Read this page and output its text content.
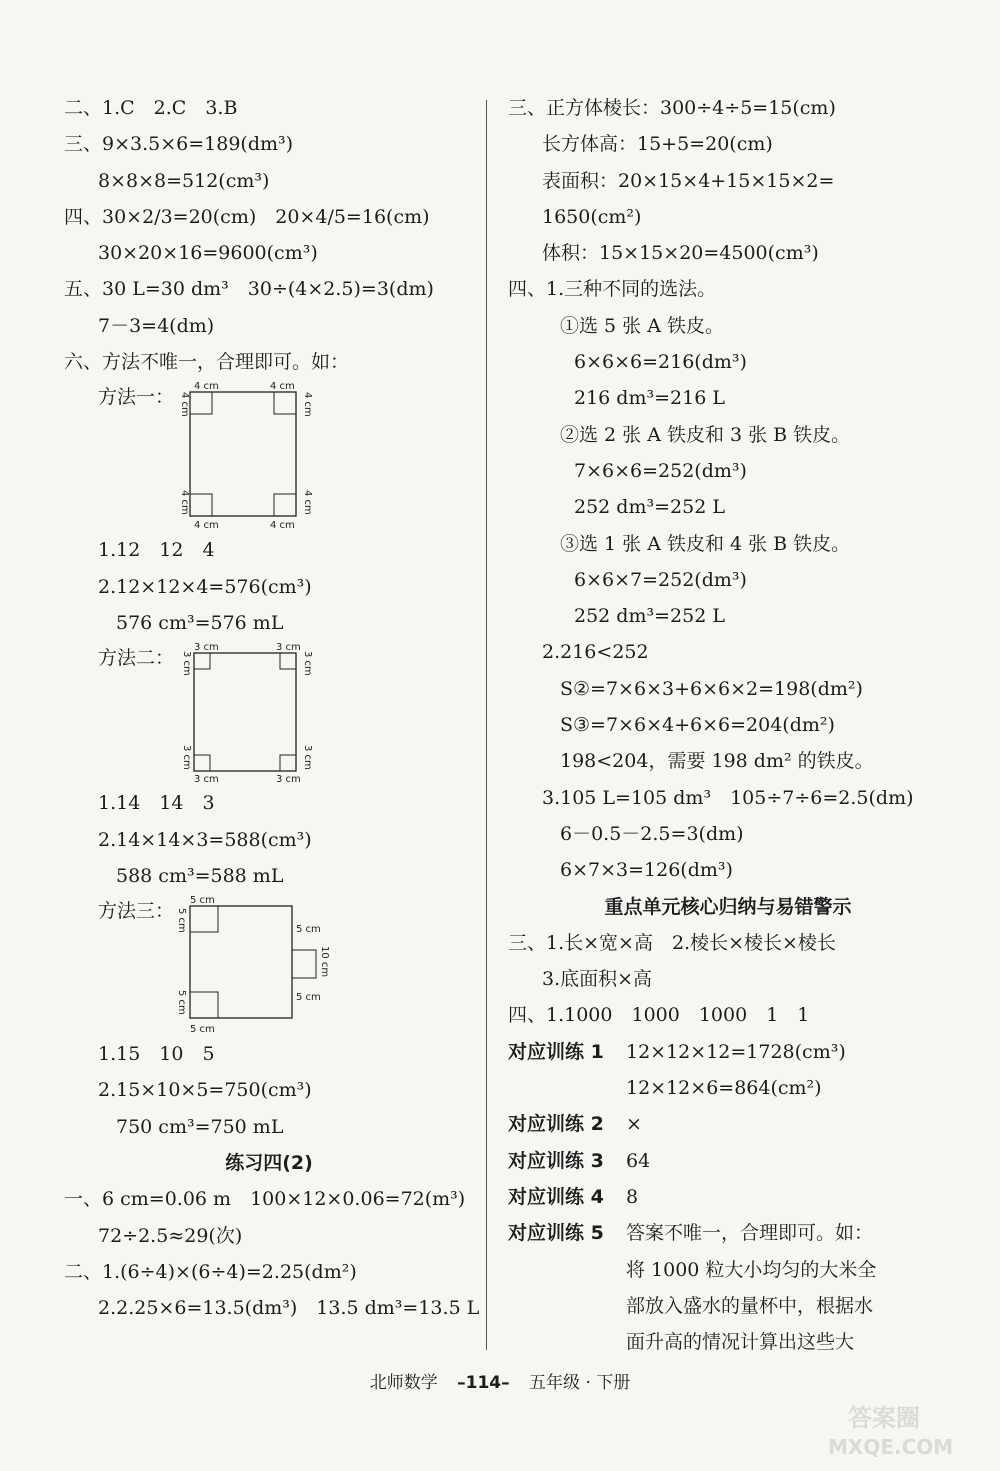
二、1.C　2.C　3.B
三、9×3.5×6=189(dm³)
8×8×8=512(cm³)
四、30×2/3=20(cm)　20×4/5=16(cm)
30×20×16=9600(cm³)
五、30 L=30 dm³　30÷(4×2.5)=3(dm)
7－3=4(dm)
六、方法不唯一，合理即可。如：
方法一： 4 cm	4 cm
4 cm	4 cm
4 cm	4 cm
4 cm	4 cm
1.12　12　4
2.12×12×4=576(cm³)
576 cm³=576 mL
方法二： 3 cm	3 cm
3 cm	3 cm
3 cm	3 cm
3 cm	3 cm
1.14　14　3
2.14×14×3=588(cm³)
588 cm³=588 mL
方法三： 5 cm
5 cm
5 cm
5 cm
5 cm
5 cm
10 cm
1.15　10　5
2.15×10×5=750(cm³)
750 cm³=750 mL
练习四(2)
一、6 cm=0.06 m　100×12×0.06=72(m³)
72÷2.5≈29(次)
二、1.(6÷4)×(6÷4)=2.25(dm²)
2.2.25×6=13.5(dm³)　13.5 dm³=13.5 L
三、正方体棱长：300÷4÷5=15(cm)
长方体高：15+5=20(cm)
表面积：20×15×4+15×15×2=
1650(cm²)
体积：15×15×20=4500(cm³)
四、1.三种不同的选法。
①选 5 张 A 铁皮。
6×6×6=216(dm³)
216 dm³=216 L
②选 2 张 A 铁皮和 3 张 B 铁皮。
7×6×6=252(dm³)
252 dm³=252 L
③选 1 张 A 铁皮和 4 张 B 铁皮。
6×6×7=252(dm³)
252 dm³=252 L
2.216<252
S②=7×6×3+6×6×2=198(dm²)
S③=7×6×4+6×6=204(dm²)
198<204，需要 198 dm² 的铁皮。
3.105 L=105 dm³　105÷7÷6=2.5(dm)
6－0.5－2.5=3(dm)
6×7×3=126(dm³)
重点单元核心归纳与易错警示
三、1.长×宽×高　2.棱长×棱长×棱长
3.底面积×高
四、1.1000　1000　1000　1　1
对应训练 1 12×12×12=1728(cm³)
12×12×6=864(cm²)
对应训练 2 ×
对应训练 3 64
对应训练 4 8
对应训练 5 答案不唯一，合理即可。如：
将 1000 粒大小均匀的大米全
部放入盛水的量杯中，根据水
面升高的情况计算出这些大
北师数学 –114– 五年级 · 下册
答案圈
MXQE.COM
